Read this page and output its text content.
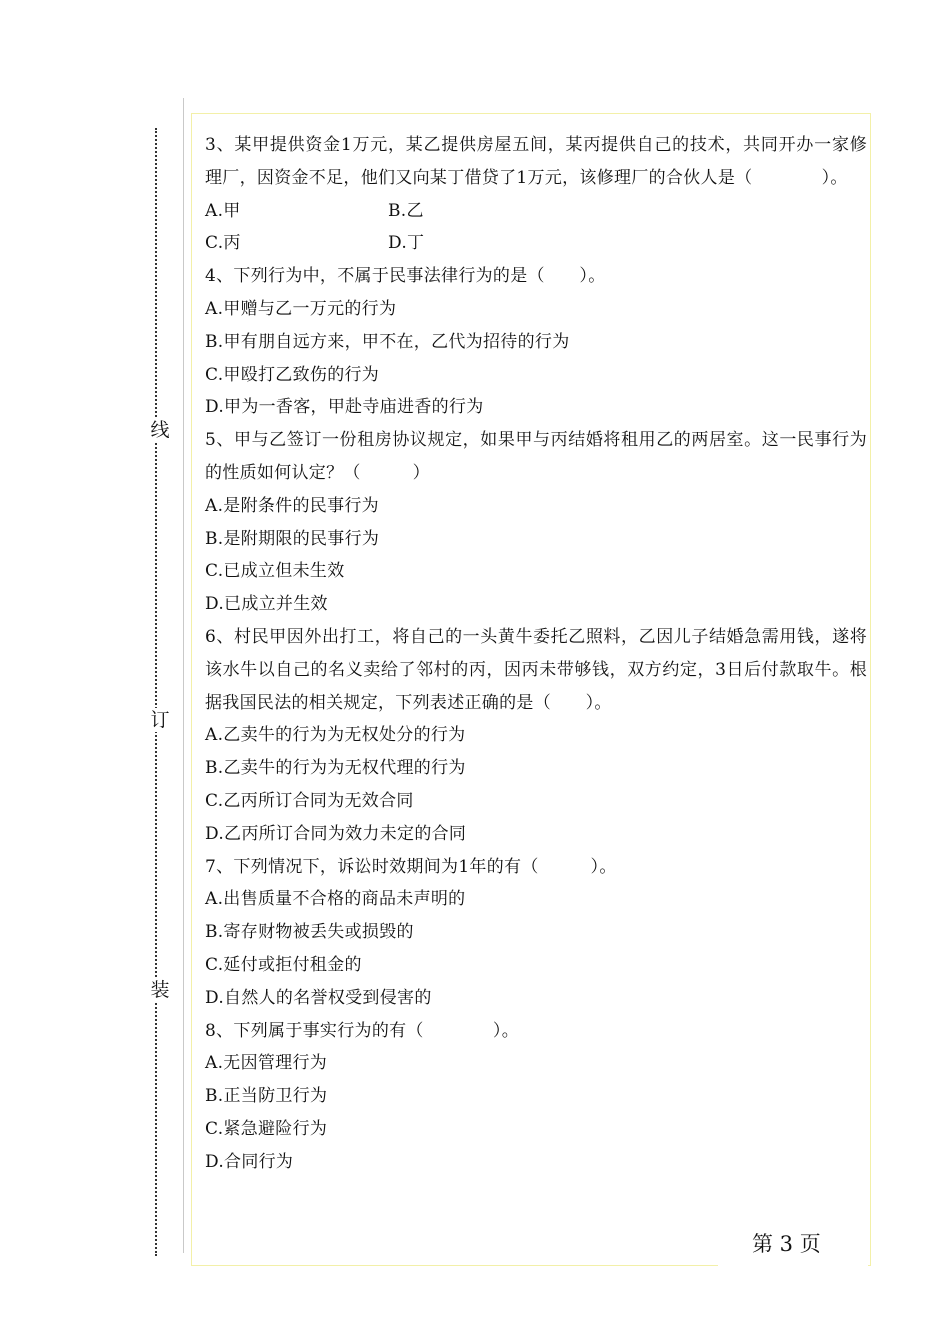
线
订
装

3、某甲提供资金1万元，某乙提供房屋五间，某丙提供自己的技术，共同开办一家修理厂，因资金不足，他们又向某丁借贷了1万元，该修理厂的合伙人是（　　　　）。

A.甲	B.乙
C.丙	D.丁

4、下列行为中，不属于民事法律行为的是（　　）。

A.甲赠与乙一万元的行为

B.甲有朋自远方来，甲不在，乙代为招待的行为

C.甲殴打乙致伤的行为

D.甲为一香客，甲赴寺庙进香的行为

5、甲与乙签订一份租房协议规定，如果甲与丙结婚将租用乙的两居室。这一民事行为的性质如何认定？（　　　）

A.是附条件的民事行为

B.是附期限的民事行为

C.已成立但未生效

D.已成立并生效

6、村民甲因外出打工，将自己的一头黄牛委托乙照料，乙因儿子结婚急需用钱，遂将该水牛以自己的名义卖给了邻村的丙，因丙未带够钱，双方约定，3日后付款取牛。根据我国民法的相关规定，下列表述正确的是（　　）。

A.乙卖牛的行为为无权处分的行为

B.乙卖牛的行为为无权代理的行为

C.乙丙所订合同为无效合同

D.乙丙所订合同为效力未定的合同

7、下列情况下，诉讼时效期间为1年的有（　　　）。

A.出售质量不合格的商品未声明的

B.寄存财物被丢失或损毁的

C.延付或拒付租金的

D.自然人的名誉权受到侵害的

8、下列属于事实行为的有（　　　　）。

A.无因管理行为

B.正当防卫行为

C.紧急避险行为

D.合同行为

第 3 页
